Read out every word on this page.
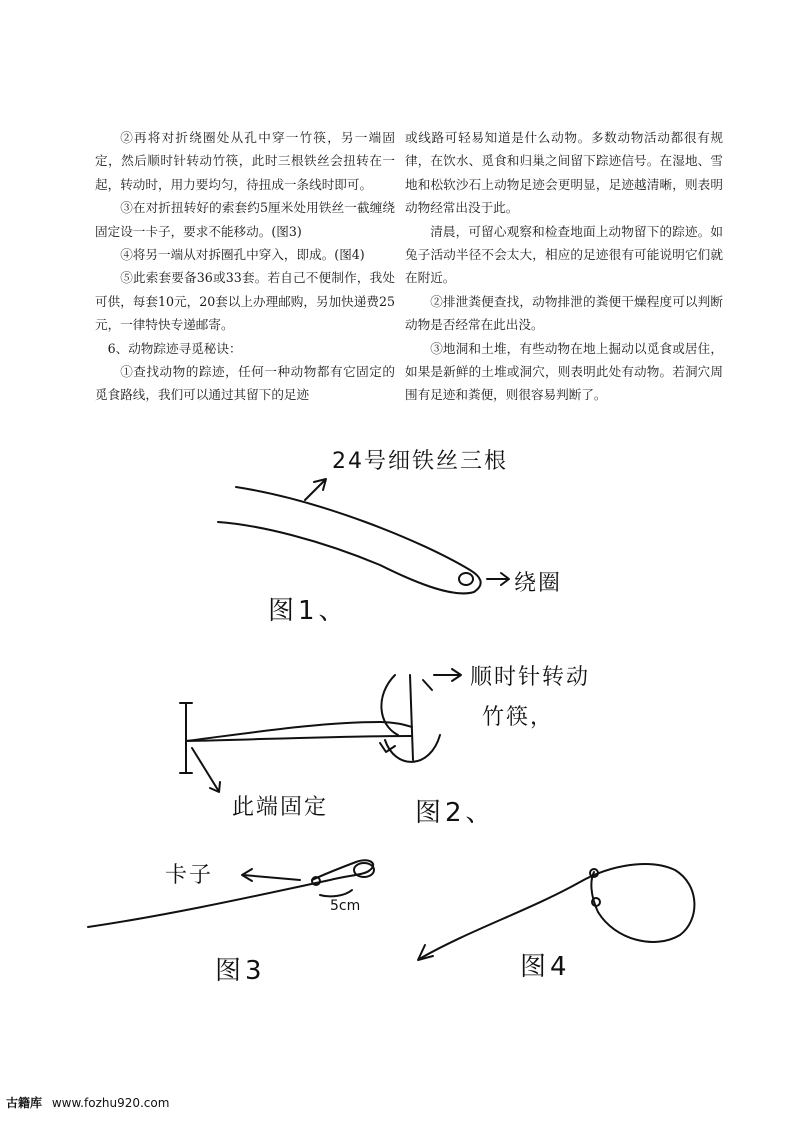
②再将对折绕圈处从孔中穿一竹筷，另一端固定，然后顺时针转动竹筷，此时三根铁丝会扭转在一起，转动时，用力要均匀，待扭成一条线时即可。

③在对折扭转好的索套约5厘米处用铁丝一截缠绕固定设一卡子，要求不能移动。(图3)

④将另一端从对拆圈孔中穿入，即成。(图4)

⑤此索套要备36或33套。若自己不便制作，我处可供，每套10元，20套以上办理邮购，另加快递费25元，一律特快专递邮寄。

6、动物踪迹寻觅秘诀：

①查找动物的踪迹，任何一种动物都有它固定的觅食路线，我们可以通过其留下的足迹

或线路可轻易知道是什么动物。多数动物活动都很有规律，在饮水、觅食和归巢之间留下踪迹信号。在湿地、雪地和松软沙石上动物足迹会更明显，足迹越清晰，则表明动物经常出没于此。

清晨，可留心观察和检查地面上动物留下的踪迹。如兔子活动半径不会太大，相应的足迹很有可能说明它们就在附近。

②排泄粪便查找，动物排泄的粪便干燥程度可以判断动物是否经常在此出没。

③地洞和土堆，有些动物在地上掘动以觅食或居住，如果是新鲜的土堆或洞穴，则表明此处有动物。若洞穴周围有足迹和粪便，则很容易判断了。

24号细铁丝三根
绕圈
图1、
顺时针转动
竹筷，
此端固定	图2、
卡子
5cm
图3	图4
古籍库 www.fozhu920.com
